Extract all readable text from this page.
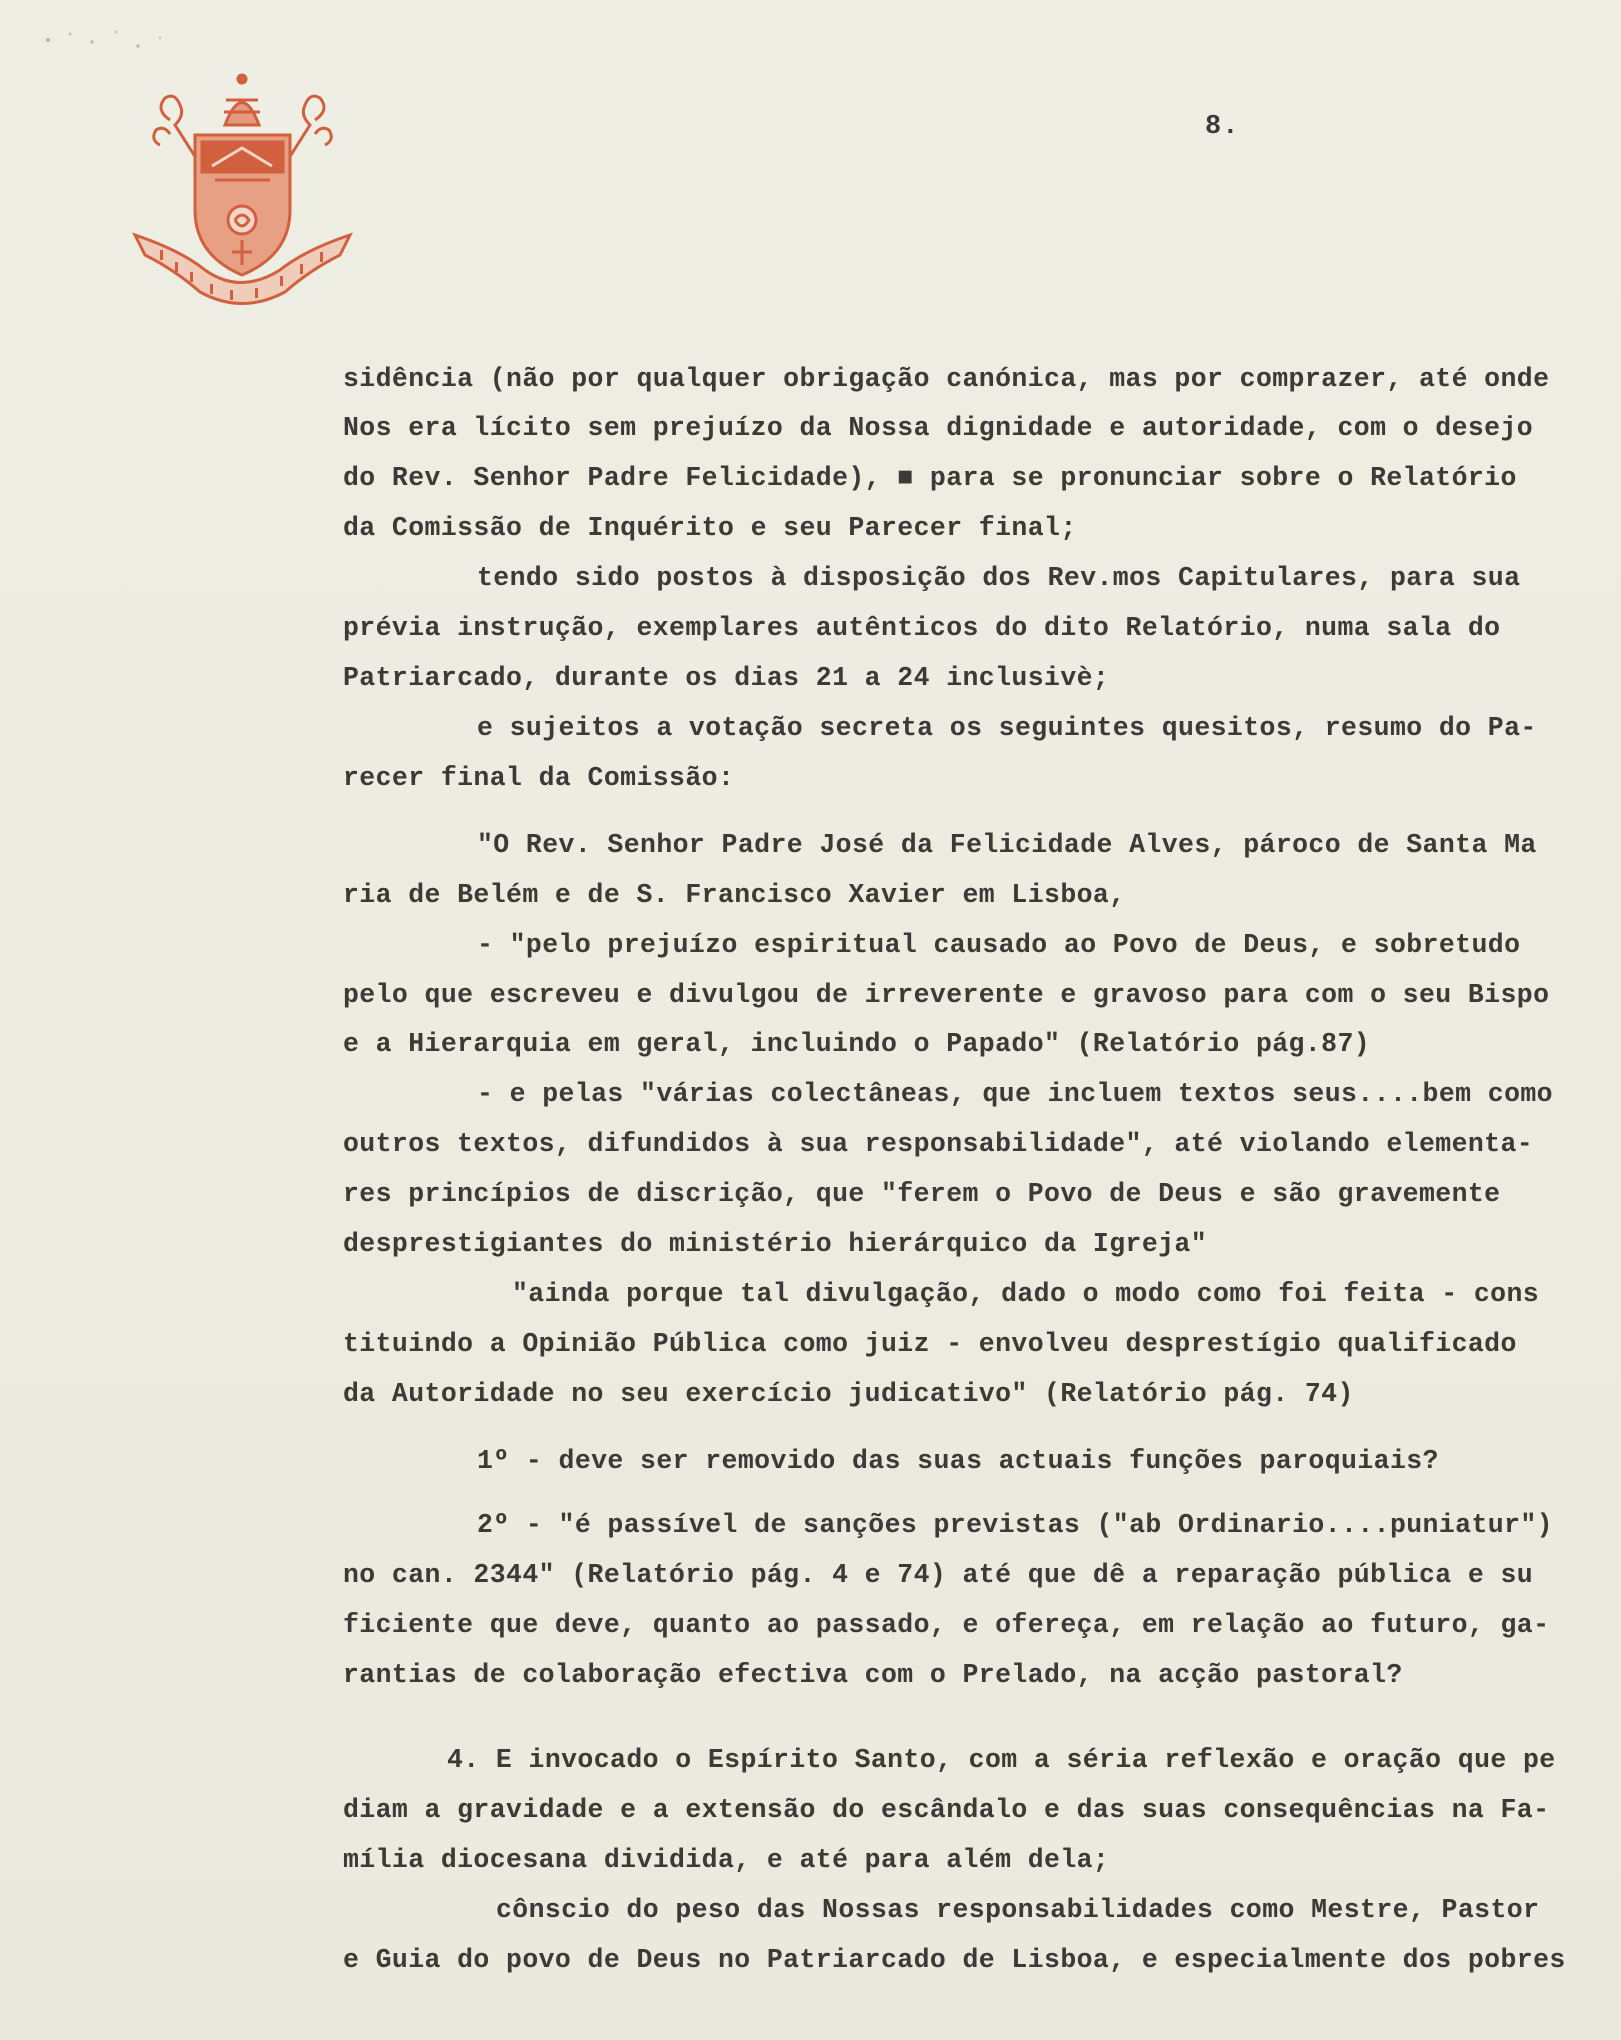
8.
sidência (não por qualquer obrigação canónica, mas por comprazer, até onde
Nos era lícito sem prejuízo da Nossa dignidade e autoridade, com o desejo
do Rev. Senhor Padre Felicidade), ■ para se pronunciar sobre o Relatório
da Comissão de Inquérito e seu Parecer final;
tendo sido postos à disposição dos Rev.mos Capitulares, para sua
prévia instrução, exemplares autênticos do dito Relatório, numa sala do
Patriarcado, durante os dias 21 a 24 inclusivè;
e sujeitos a votação secreta os seguintes quesitos, resumo do Pa-
recer final da Comissão:
"O Rev. Senhor Padre José da Felicidade Alves, pároco de Santa Ma
ria de Belém e de S. Francisco Xavier em Lisboa,
- "pelo prejuízo espiritual causado ao Povo de Deus, e sobretudo
pelo que escreveu e divulgou de irreverente e gravoso para com o seu Bispo
e a Hierarquia em geral, incluindo o Papado" (Relatório pág.87)
- e pelas "várias colectâneas, que incluem textos seus....bem como
outros textos, difundidos à sua responsabilidade", até violando elementa-
res princípios de discrição, que "ferem o Povo de Deus e são gravemente
desprestigiantes do ministério hierárquico da Igreja"
"ainda porque tal divulgação, dado o modo como foi feita - cons
tituindo a Opinião Pública como juiz - envolveu desprestígio qualificado
da Autoridade no seu exercício judicativo" (Relatório pág. 74)
1º - deve ser removido das suas actuais funções paroquiais?
2º - "é passível de sanções previstas ("ab Ordinario....puniatur")
no can. 2344" (Relatório pág. 4 e 74) até que dê a reparação pública e su
ficiente que deve, quanto ao passado, e ofereça, em relação ao futuro, ga-
rantias de colaboração efectiva com o Prelado, na acção pastoral?
4. E invocado o Espírito Santo, com a séria reflexão e oração que pe
diam a gravidade e a extensão do escândalo e das suas consequências na Fa-
mília diocesana dividida, e até para além dela;
cônscio do peso das Nossas responsabilidades como Mestre, Pastor
e Guia do povo de Deus no Patriarcado de Lisboa, e especialmente dos pobres
